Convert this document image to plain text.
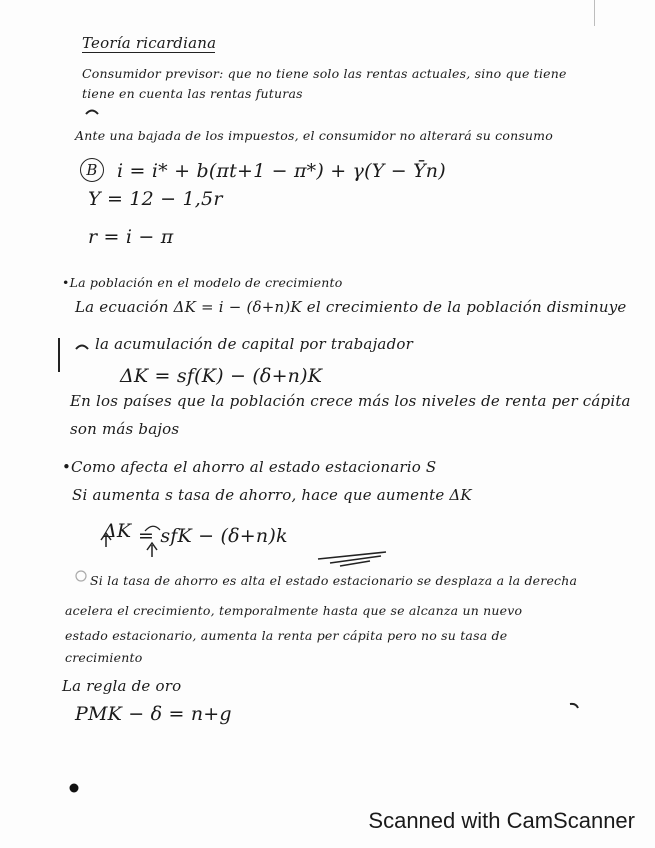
Teoría ricardiana
Consumidor previsor: que no tiene solo las rentas actuales, sino que tiene
tiene en cuenta las rentas futuras
Ante una bajada de los impuestos, el consumidor no alterará su consumo
B	i = i* + b(πt+1 − π*) + γ(Y − Ȳn)
Y = 12 − 1,5r
r = i − π
•La población en el modelo de crecimiento
La ecuación ΔK = i − (δ+n)K el crecimiento de la población disminuye
la acumulación de capital por trabajador
ΔK = sf(K) − (δ+n)K
En los países que la población crece más los niveles de renta per cápita
son más bajos
•Como afecta el ahorro al estado estacionario S
Si aumenta s tasa de ahorro, hace que aumente ΔK
ΔK = sfK − (δ+n)k
Si la tasa de ahorro es alta el estado estacionario se desplaza a la derecha
acelera el crecimiento, temporalmente hasta que se alcanza un nuevo
estado estacionario, aumenta la renta per cápita pero no su tasa de
crecimiento
La regla de oro
PMK − δ = n+g
Scanned with CamScanner
